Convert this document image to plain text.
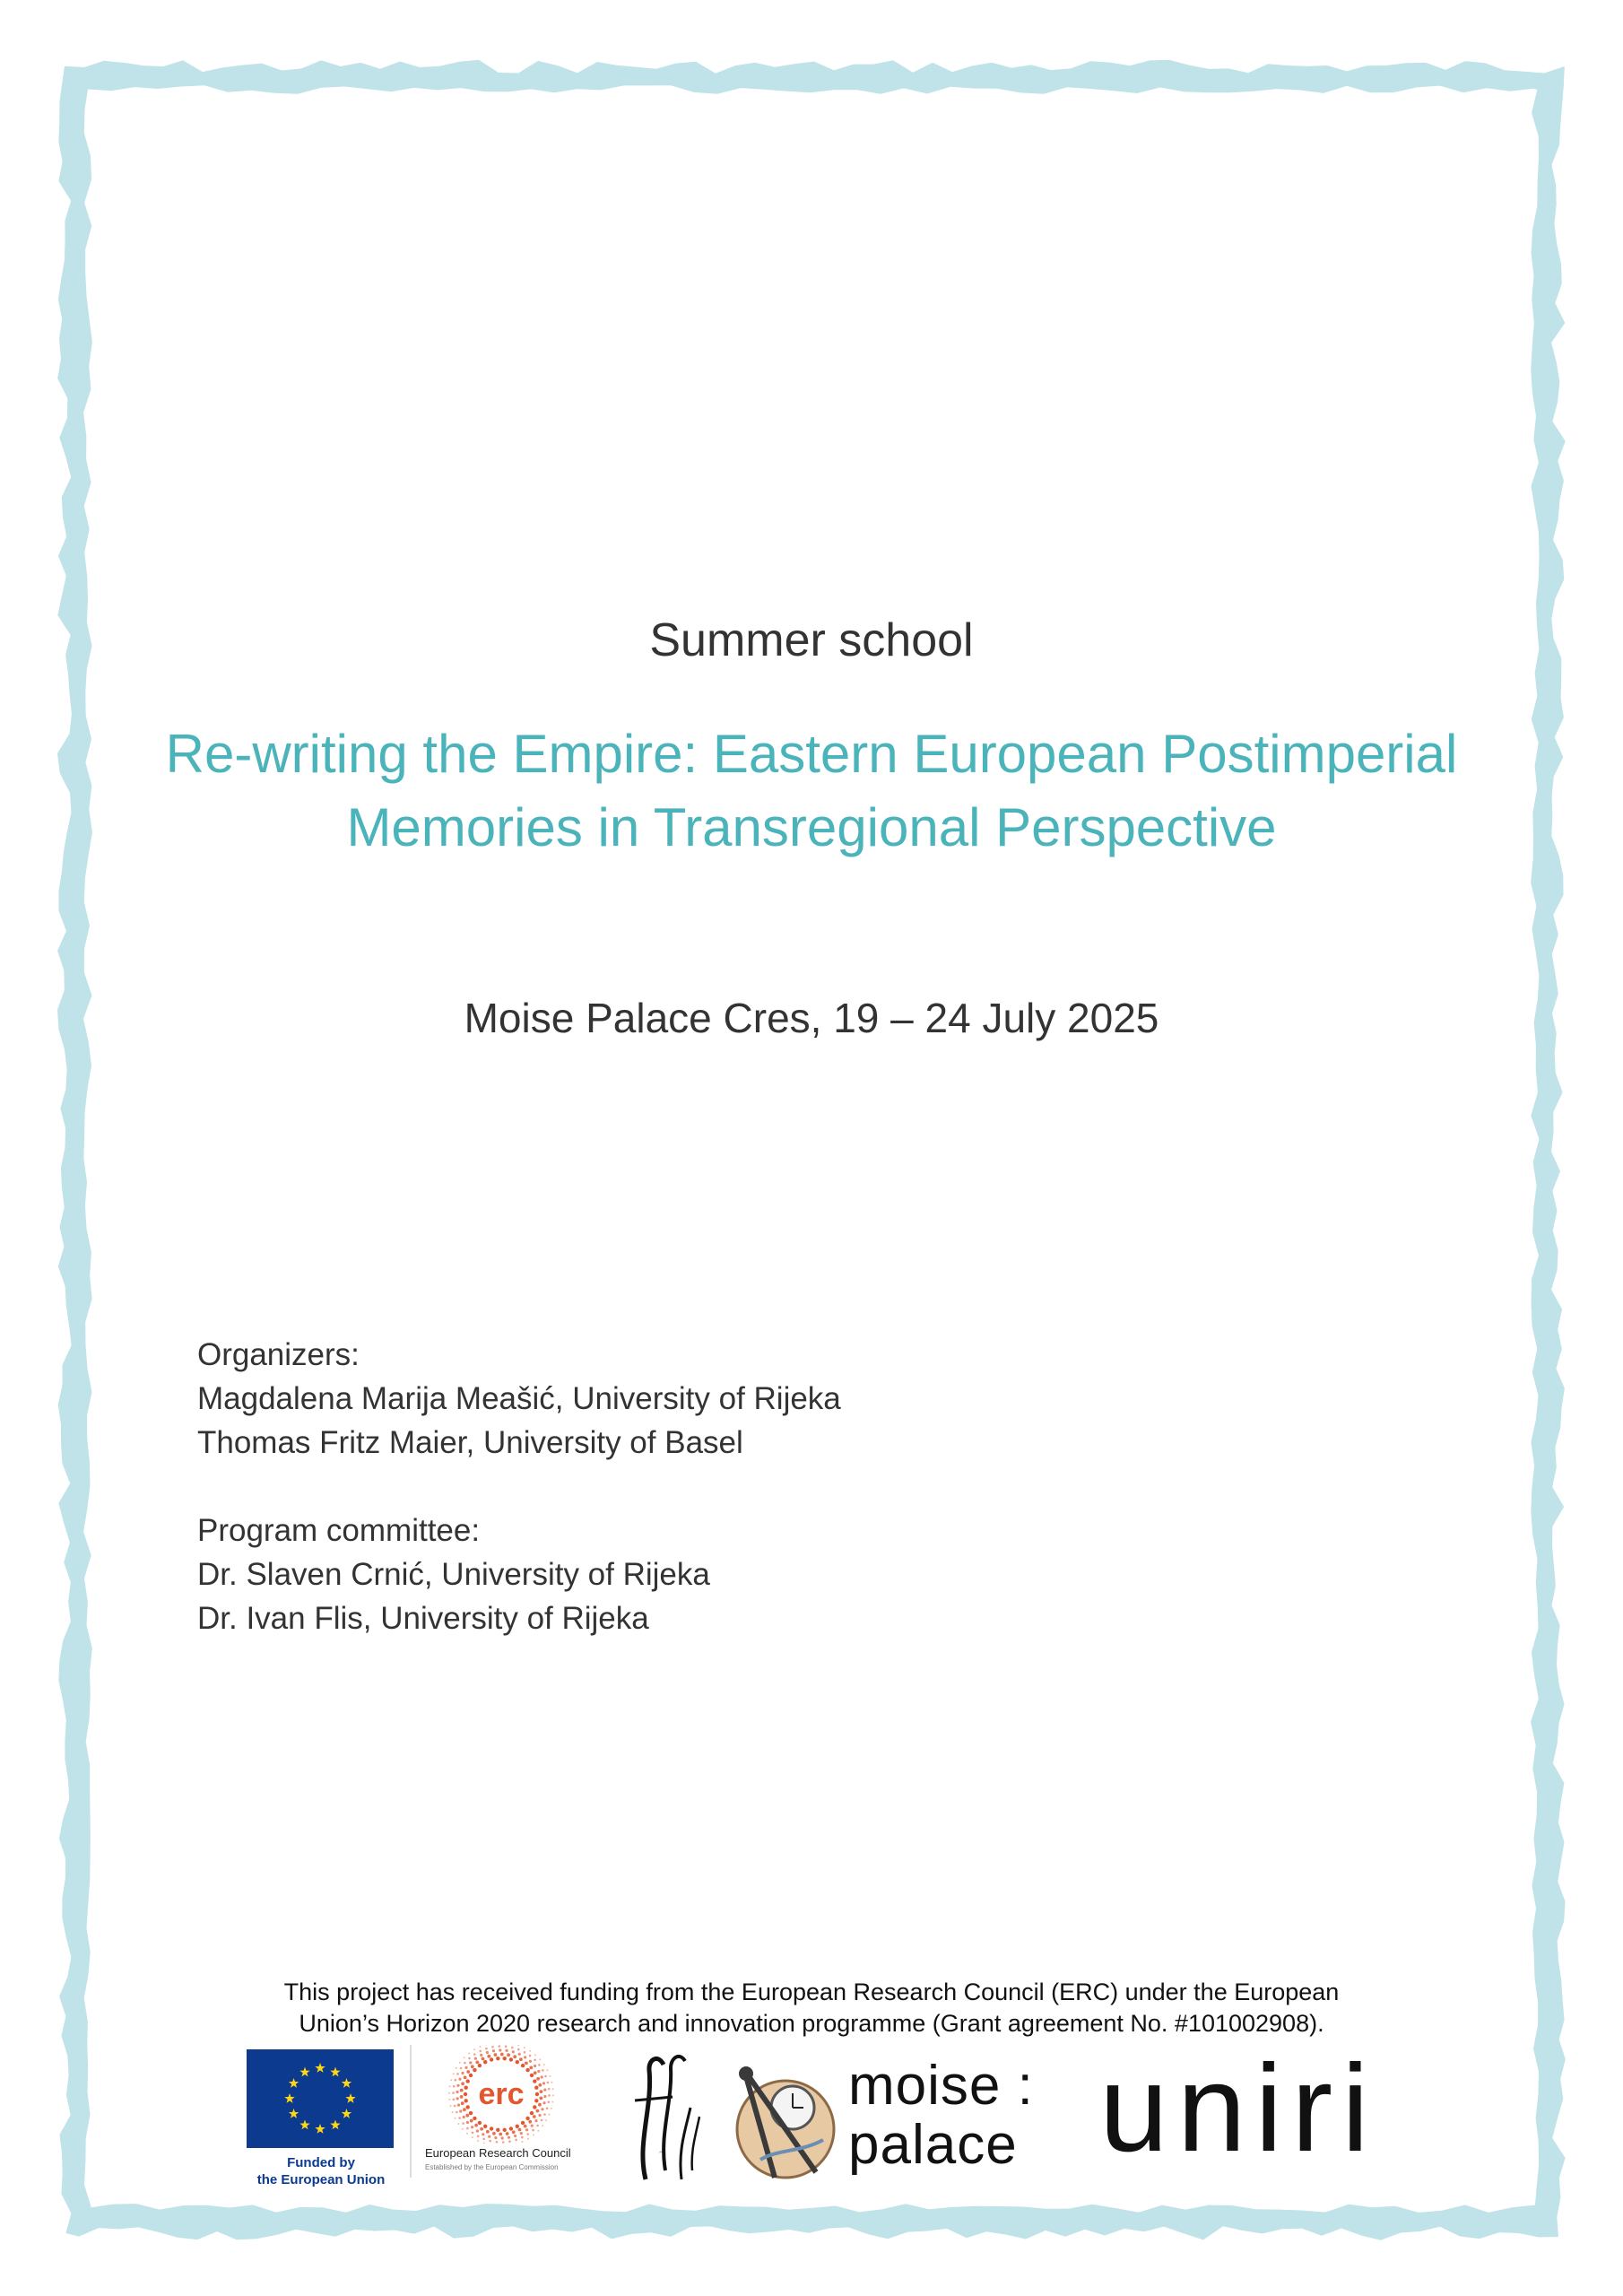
Summer school
Re-writing the Empire: Eastern European Postimperial
Memories in Transregional Perspective
Moise Palace Cres, 19 – 24 July 2025
Organizers:
Magdalena Marija Meašić, University of Rijeka
Thomas Fritz Maier, University of Basel
Program committee:
Dr. Slaven Crnić, University of Rijeka
Dr. Ivan Flis, University of Rijeka
This project has received funding from the European Research Council (ERC) under the European
Union’s Horizon 2020 research and innovation programme (Grant agreement No. #101002908).
Funded by
the European Union
erc
European Research Council
Established by the European Commission
ffri
moise :
palace uniri
